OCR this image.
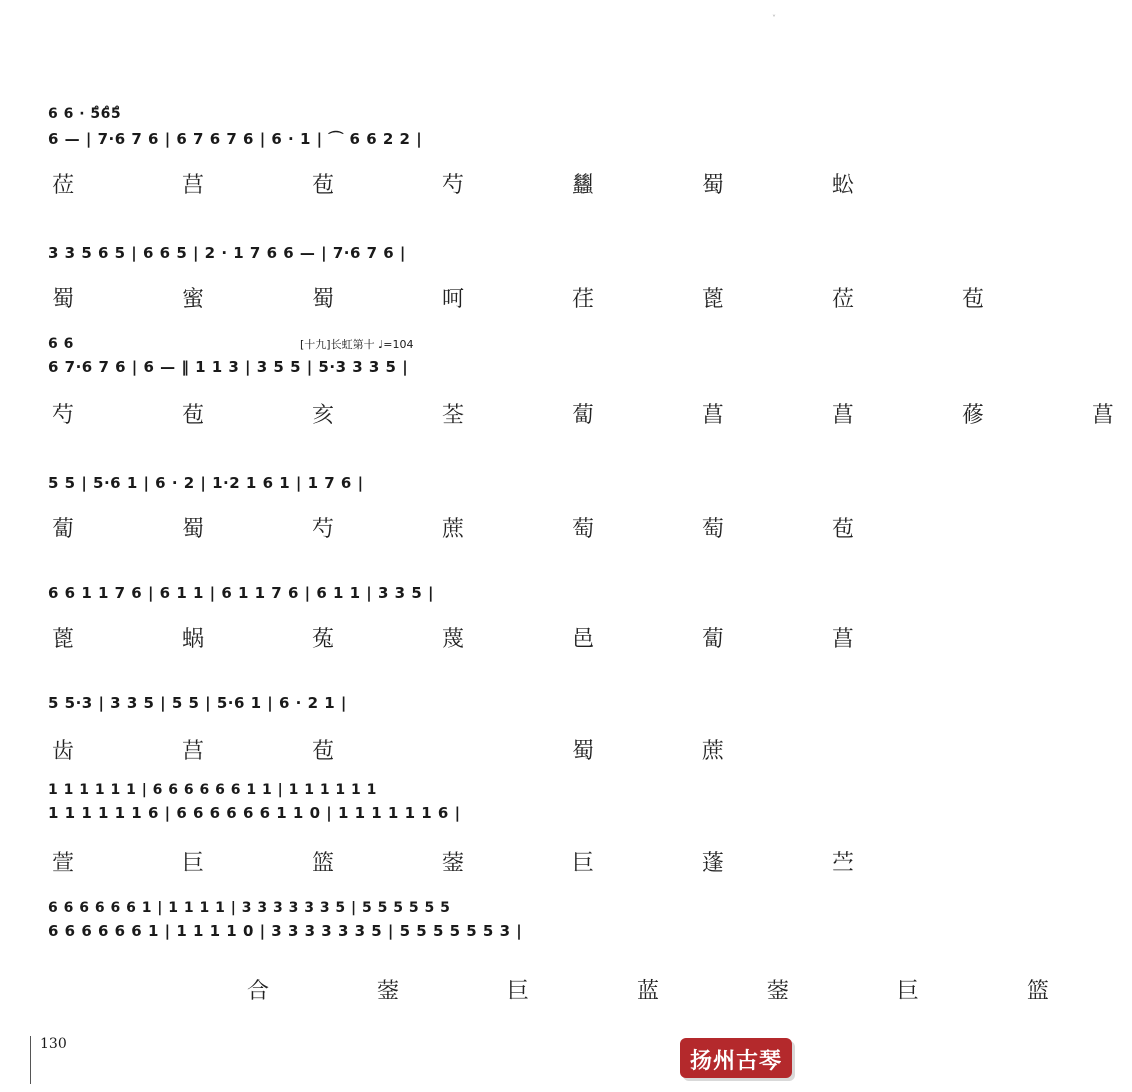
˅
6 6 · 5̊6̊5̊
6 — | 7·6 7 6 | 6 7 6 7 6 | 6 · 1 | ⌒ 6 6 2 2 |
莅 　 莒 　 苞 　 芍 　 蠿 　 蜀 　 蚣
3 3 5 6 5 | 6 6 5 | 2 · 1 7 6 6 — | 7·6 7 6 |
蜀 　 蜜 　 蜀 　 呵 　 荏 　 蓖 　 莅 　 苞
[十九]长虹第十 ♩=104
6 6
6 7·6 7 6 | 6 — ‖ 1 1 3 | 3 5 5 | 5·3 3 3 5 |
芍 　 苞 　 亥 　 荃 　 蔔 　 菖 　 菖 　 蓚 　 菖
5 5 | 5·6 1 | 6 · 2 | 1·2 1 6 1 | 1 7 6 |
蔔 　 蜀 　 芍 　 蔗 　 萄 　 萄 　 苞
6 6 1 1 7 6 | 6 1 1 | 6 1 1 7 6 | 6 1 1 | 3 3 5 |
蓖 　 蜗 　 菟 　 蔑 　 邑 　 蔔 　 菖
5 5·3 | 3 3 5 | 5 5 | 5·6 1 | 6 · 2 1 |
齿 　 莒 　 苞 　 　 　 蜀 　 蔗
1 1 1 1 1 1 | 6 6 6 6 6 6 1 1 | 1 1 1 1 1 1
1 1 1 1 1 1 6 | 6 6 6 6 6 6 1 1 0 | 1 1 1 1 1 1 6 |
萱 　 巨 　 篮 　 蓥 　 巨 　 蓬 　 苎
6 6 6 6 6 6 1 | 1 1 1 1 | 3 3 3 3 3 3 5 | 5 5 5 5 5 5
6 6 6 6 6 6 1 | 1 1 1 1 0 | 3 3 3 3 3 3 5 | 5 5 5 5 5 5 3 |
　 　 　 合 　 蓥 　 巨 　 蓝 　 蓥 　 巨 　 篮
130
扬州古琴
